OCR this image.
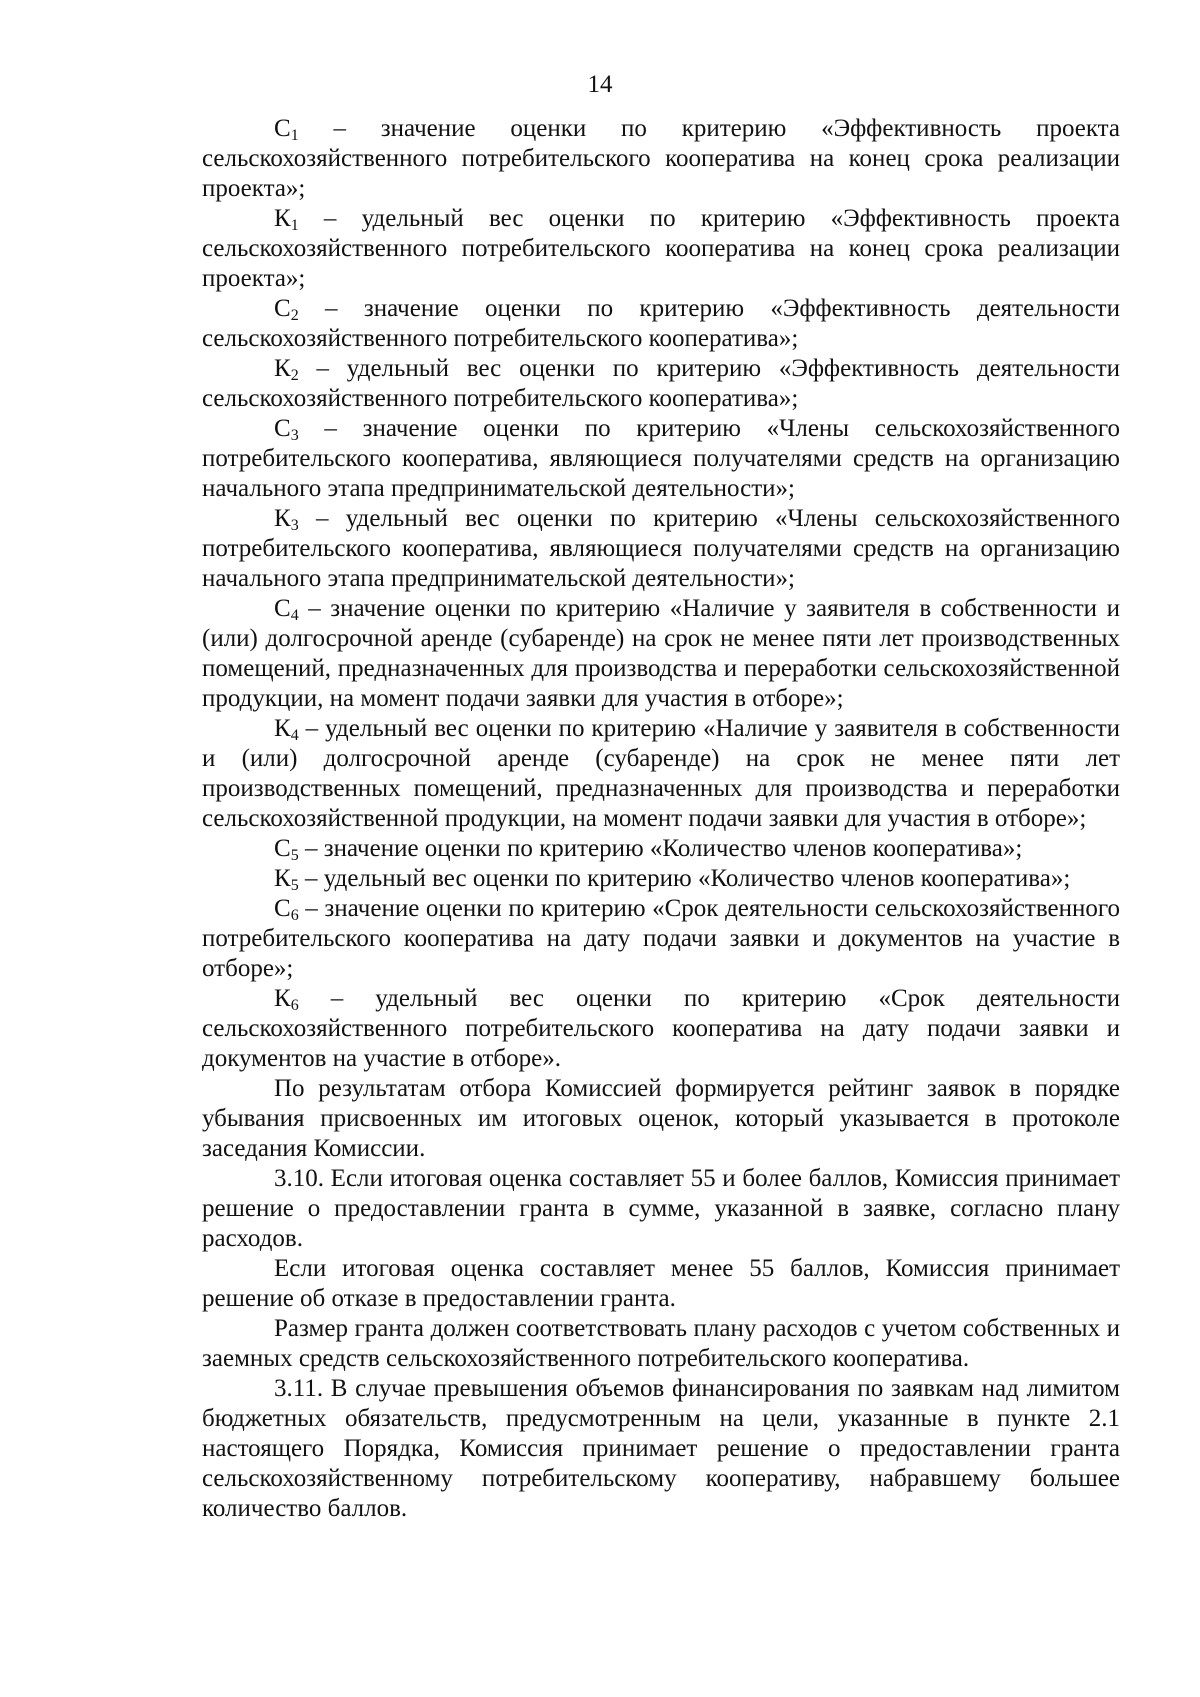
14

$С_1$ – значение оценки по критерию «Эффективность проекта сельскохозяйственного потребительского кооператива на конец срока реализации проекта»;

$К_1$ – удельный вес оценки по критерию «Эффективность проекта сельскохозяйственного потребительского кооператива на конец срока реализации проекта»;

$С_2$ – значение оценки по критерию «Эффективность деятельности сельскохозяйственного потребительского кооператива»;

$К_2$ – удельный вес оценки по критерию «Эффективность деятельности сельскохозяйственного потребительского кооператива»;

$С_3$ – значение оценки по критерию «Члены сельскохозяйственного потребительского кооператива, являющиеся получателями средств на организацию начального этапа предпринимательской деятельности»;

$К_3$ – удельный вес оценки по критерию «Члены сельскохозяйственного потребительского кооператива, являющиеся получателями средств на организацию начального этапа предпринимательской деятельности»;

$С_4$ – значение оценки по критерию «Наличие у заявителя в собственности и (или) долгосрочной аренде (субаренде) на срок не менее пяти лет производственных помещений, предназначенных для производства и переработки сельскохозяйственной продукции, на момент подачи заявки для участия в отборе»;

$К_4$ – удельный вес оценки по критерию «Наличие у заявителя в собственности и (или) долгосрочной аренде (субаренде) на срок не менее пяти лет производственных помещений, предназначенных для производства и переработки сельскохозяйственной продукции, на момент подачи заявки для участия в отборе»;

$С_5$ – значение оценки по критерию «Количество членов кооператива»;

$К_5$ – удельный вес оценки по критерию «Количество членов кооператива»;

$С_6$ – значение оценки по критерию «Срок деятельности сельскохозяйственного потребительского кооператива на дату подачи заявки и документов на участие в отборе»;

$К_6$ – удельный вес оценки по критерию «Срок деятельности сельскохозяйственного потребительского кооператива на дату подачи заявки и документов на участие в отборе».

По результатам отбора Комиссией формируется рейтинг заявок в порядке убывания присвоенных им итоговых оценок, который указывается в протоколе заседания Комиссии.

3.10. Если итоговая оценка составляет 55 и более баллов, Комиссия принимает решение о предоставлении гранта в сумме, указанной в заявке, согласно плану расходов.

Если итоговая оценка составляет менее 55 баллов, Комиссия принимает решение об отказе в предоставлении гранта.

Размер гранта должен соответствовать плану расходов с учетом собственных и заемных средств сельскохозяйственного потребительского кооператива.

3.11. В случае превышения объемов финансирования по заявкам над лимитом бюджетных обязательств, предусмотренным на цели, указанные в пункте 2.1 настоящего Порядка, Комиссия принимает решение о предоставлении гранта сельскохозяйственному потребительскому кооперативу, набравшему большее количество баллов.
